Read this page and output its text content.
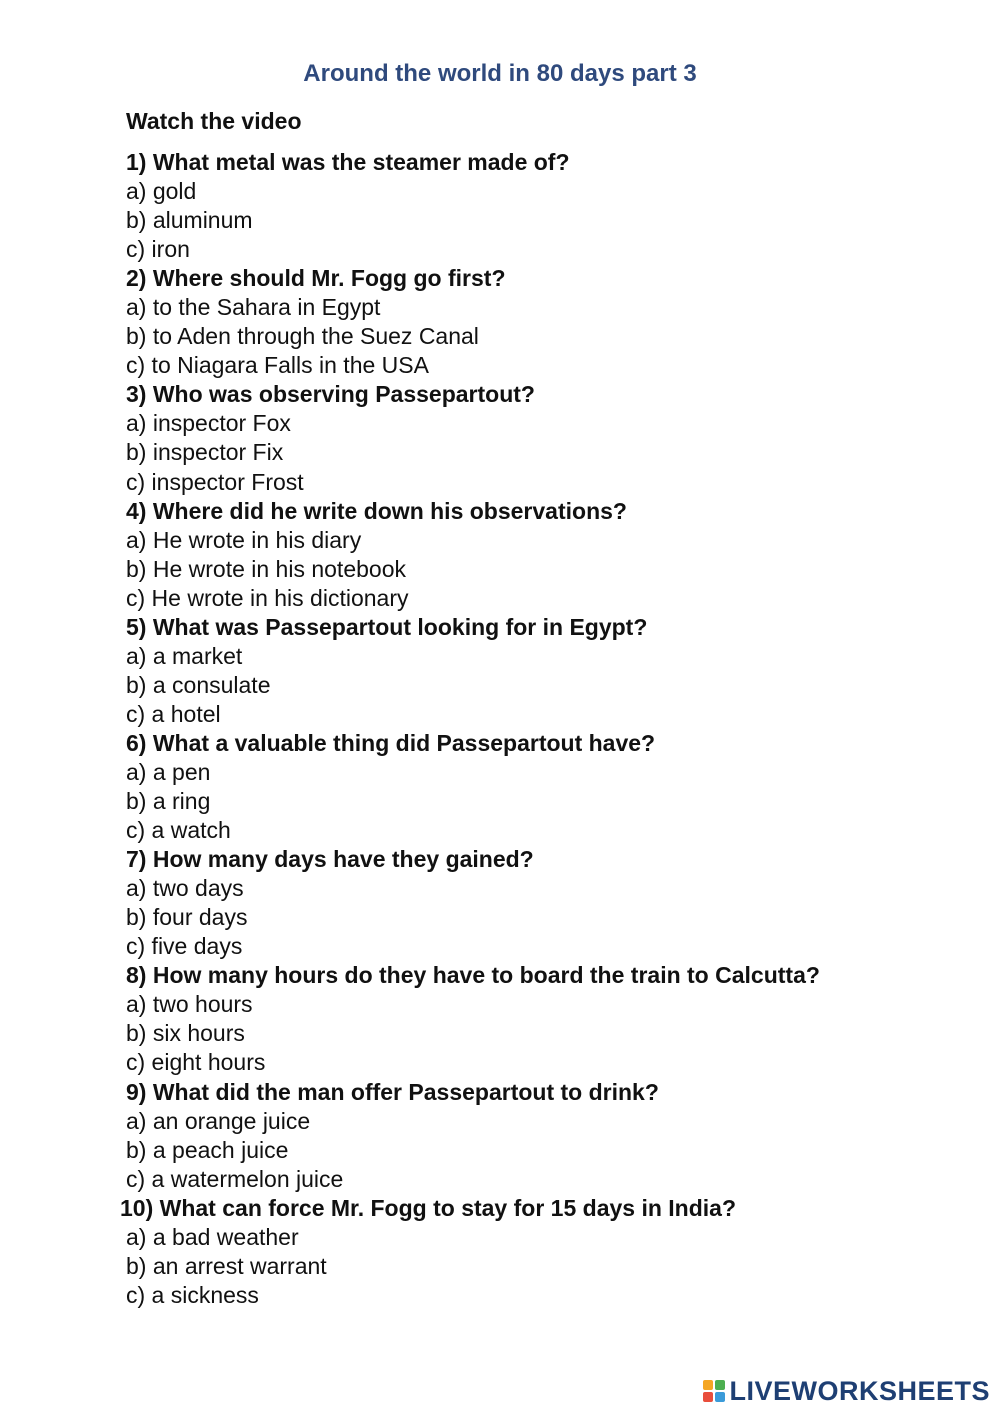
Around the world in 80 days part 3

Watch the video

1) What metal was the steamer made of?

a) gold

b) aluminum

c) iron

2) Where should Mr. Fogg go first?

a) to the Sahara in Egypt

b) to Aden through the Suez Canal

c) to Niagara Falls in the USA

3) Who was observing Passepartout?

a) inspector Fox

b) inspector Fix

c) inspector Frost

4) Where did he write down his observations?

a) He wrote in his diary

b) He wrote in his notebook

c) He wrote in his dictionary

5) What was Passepartout looking for in Egypt?

a) a market

b) a consulate

c) a hotel

6) What a valuable thing did Passepartout have?

a) a pen

b) a ring

c) a watch

7) How many days have they gained?

a) two days

b) four days

c) five days

8) How many hours do they have to board the train to Calcutta?

a) two hours

b) six hours

c) eight hours

9) What did the man offer Passepartout to drink?

a) an orange juice

b) a peach juice

c) a watermelon juice

10) What can force Mr. Fogg to stay for 15 days in India?

a) a bad weather

b) an arrest warrant

c) a sickness

LIVEWORKSHEETS
